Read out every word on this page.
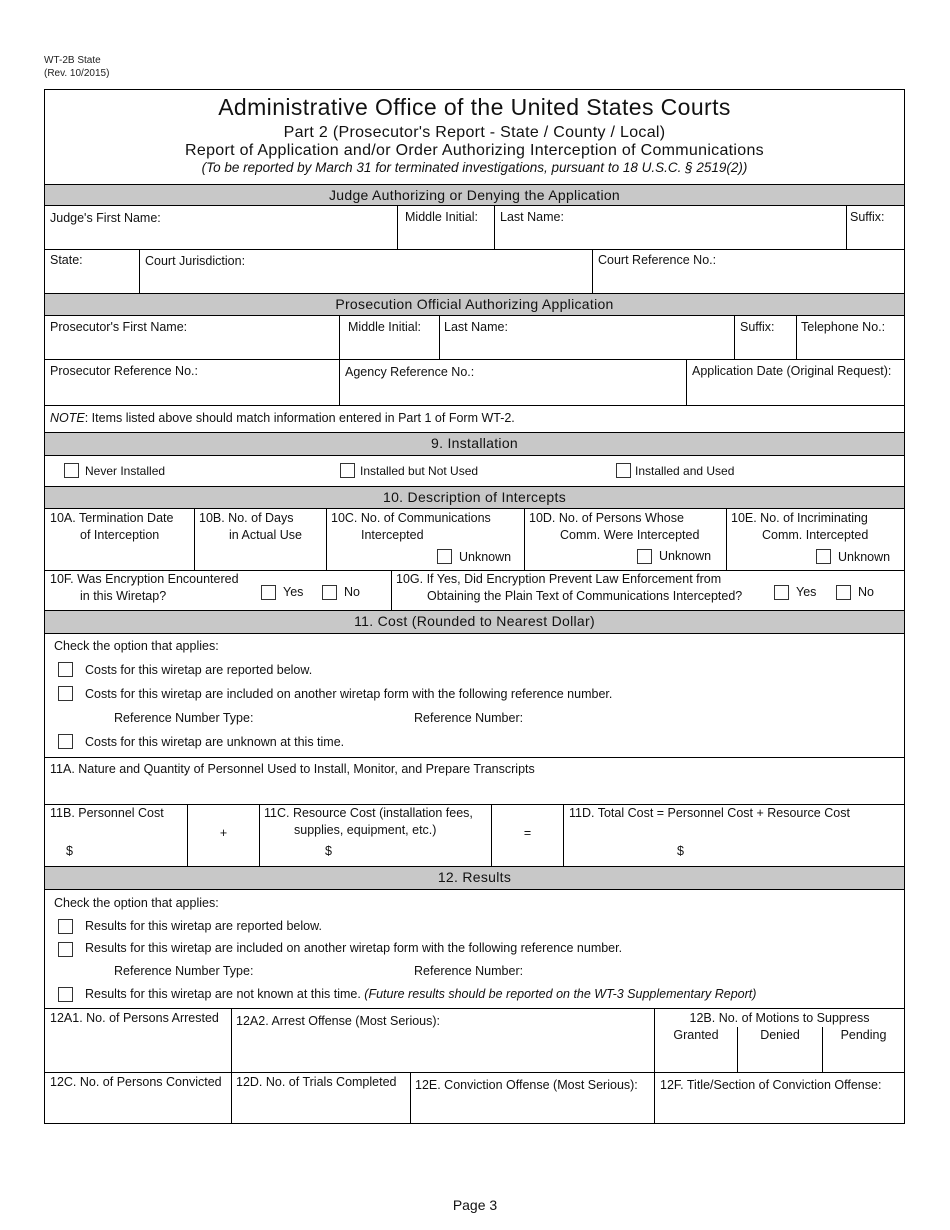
WT-2B State
(Rev. 10/2015)
Administrative Office of the United States Courts
Part 2 (Prosecutor's Report - State / County / Local)
Report of Application and/or Order Authorizing Interception of Communications
(To be reported by March 31 for terminated investigations, pursuant to 18 U.S.C. § 2519(2))
Judge Authorizing or Denying the Application
Judge's First Name:	Middle Initial: Last Name:	Suffix:
State:	Court Jurisdiction:	Court Reference No.:
Prosecution Official Authorizing Application
Prosecutor's First Name:	Middle Initial: Last Name:	Suffix: Telephone No.:
Prosecutor Reference No.:	Agency Reference No.:	Application Date (Original Request):
NOTE: Items listed above should match information entered in Part 1 of Form WT-2.
9. Installation
Never Installed	Installed but Not Used	Installed and Used
10. Description of Intercepts
10A. Termination Date
of Interception
10B. No. of Days
in Actual Use
10C. No. of Communications
Intercepted
Unknown
10D. No. of Persons Whose
Comm. Were Intercepted
Unknown
10E. No. of Incriminating
Comm. Intercepted
Unknown
10F. Was Encryption Encountered
in this Wiretap?	Yes	No
10G. If Yes, Did Encryption Prevent Law Enforcement from
Obtaining the Plain Text of Communications Intercepted?	Yes	No
11. Cost (Rounded to Nearest Dollar)
Check the option that applies:
Costs for this wiretap are reported below.
Costs for this wiretap are included on another wiretap form with the following reference number.
Reference Number Type:	Reference Number:
Costs for this wiretap are unknown at this time.
11A. Nature and Quantity of Personnel Used to Install, Monitor, and Prepare Transcripts
11B. Personnel Cost
$
+
11C. Resource Cost (installation fees,
supplies, equipment, etc.)
$
=
11D. Total Cost = Personnel Cost + Resource Cost
$
12. Results
Check the option that applies:
Results for this wiretap are reported below.
Results for this wiretap are included on another wiretap form with the following reference number.
Reference Number Type:	Reference Number:
Results for this wiretap are not known at this time. (Future results should be reported on the WT-3 Supplementary Report)
12A1. No. of Persons Arrested 12A2. Arrest Offense (Most Serious):	12B. No. of Motions to Suppress
Granted	Denied	Pending
12C. No. of Persons Convicted 12D. No. of Trials Completed 12E. Conviction Offense (Most Serious): 12F. Title/Section of Conviction Offense:
Page 3
